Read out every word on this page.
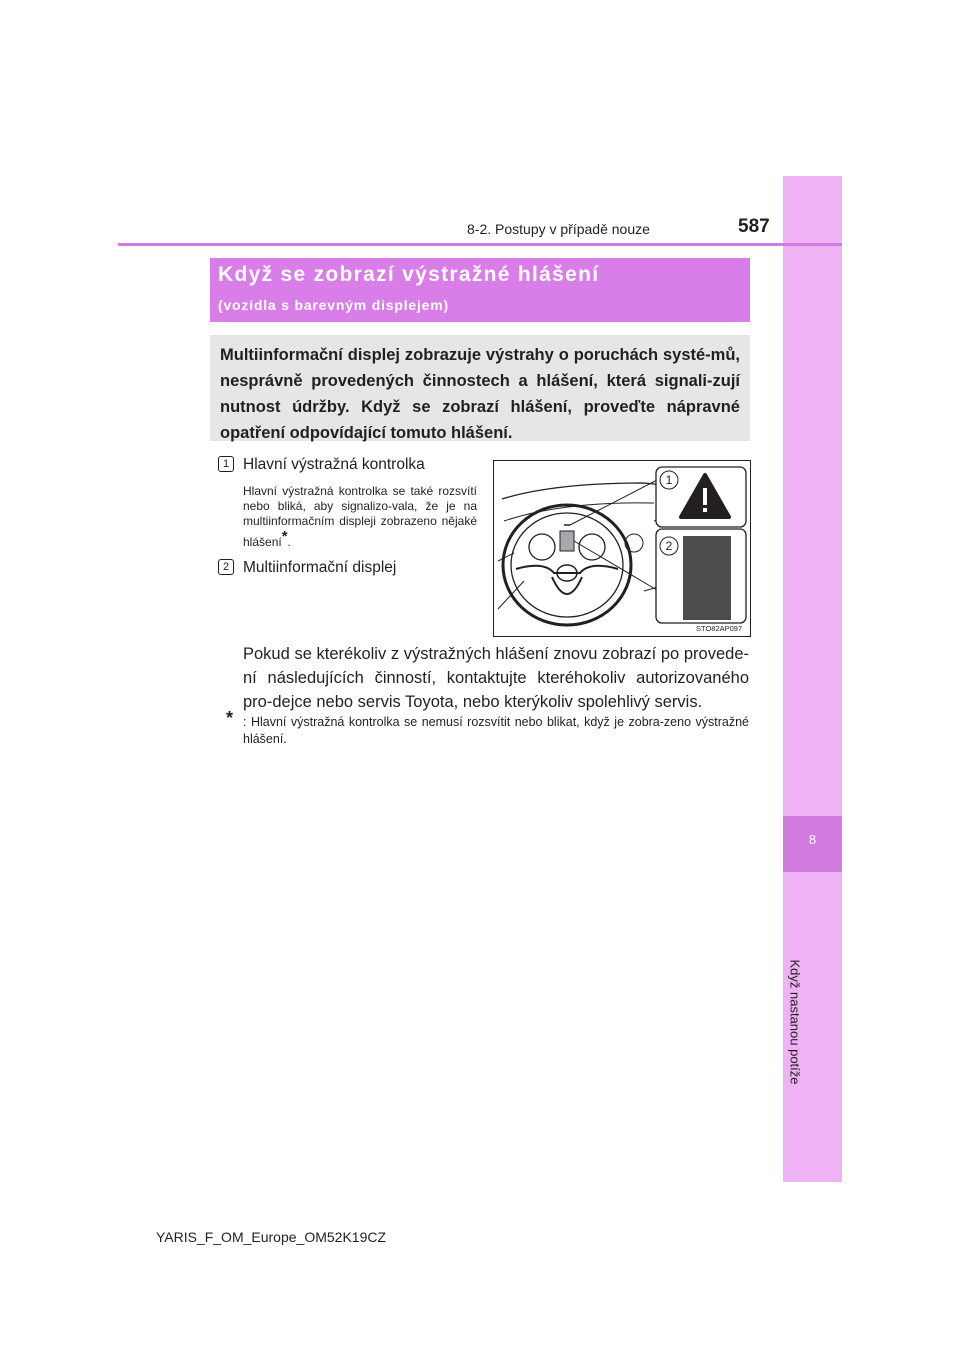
8
Když nastanou potíže
8-2. Postupy v případě nouze	587
Když se zobrazí výstražné hlášení
(vozidla s barevným displejem)
Multiinformační displej zobrazuje výstrahy o poruchách systé-mů, nesprávně provedených činnostech a hlášení, která signali-zují nutnost údržby. Když se zobrazí hlášení, proveďte nápravné opatření odpovídající tomuto hlášení.
1 Hlavní výstražná kontrolka
Hlavní výstražná kontrolka se také rozsvítí nebo bliká, aby signalizo-vala, že je na multiinformačním displeji zobrazeno nějaké hlášení*.
2 Multiinformační displej
1
2
STO82AP097
Pokud se kterékoliv z výstražných hlášení znovu zobrazí po provede-ní následujících činností, kontaktujte kteréhokoliv autorizovaného pro-dejce nebo servis Toyota, nebo kterýkoliv spolehlivý servis.
* : Hlavní výstražná kontrolka se nemusí rozsvítit nebo blikat, když je zobra-zeno výstražné hlášení.
YARIS_F_OM_Europe_OM52K19CZ
